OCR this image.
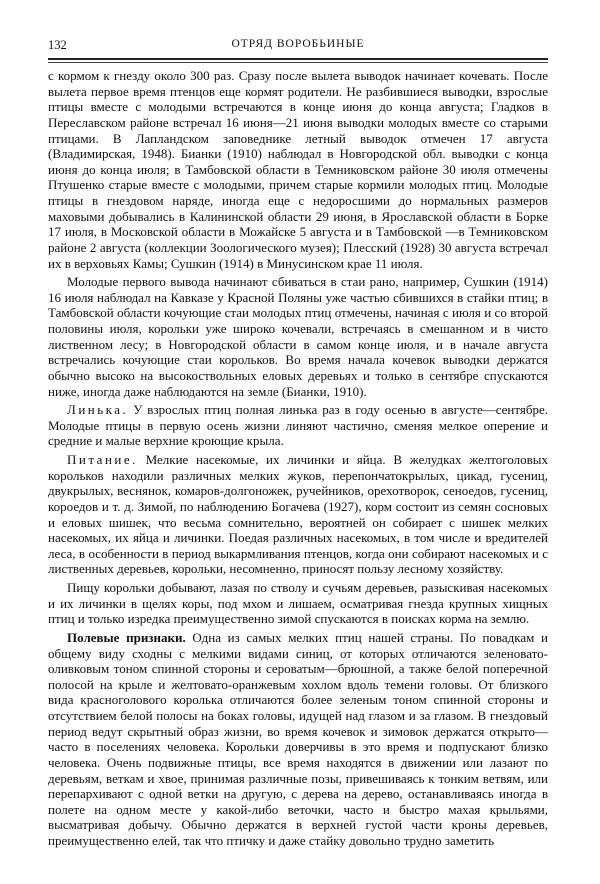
132	ОТРЯД ВОРОБЬИНЫЕ

с кормом к гнезду около 300 раз. Сразу после вылета выводок начинает кочевать. После вылета первое время птенцов еще кормят родители. Не разбившиеся выводки, взрослые птицы вместе с молодыми встречаются в конце июня до конца августа; Гладков в Переславском районе встречал 16 июня—21 июня выводки молодых вместе со старыми птицами. В Лапландском заповеднике летный выводок отмечен 17 августа (Владимирская, 1948). Бианки (1910) наблюдал в Новгородской обл. выводки с конца июня до конца июля; в Тамбовской области в Темниковском районе 30 июля отмечены Птушенко старые вместе с молодыми, причем старые кормили молодых птиц. Молодые птицы в гнездовом наряде, иногда еще с недоросшими до нормальных размеров маховыми добывались в Калининской области 29 июня, в Ярославской области в Борке 17 июля, в Московской области в Можайске 5 августа и в Тамбовской —в Темниковском районе 2 августа (коллекции Зоологического музея); Плесский (1928) 30 августа встречал их в верховьях Камы; Сушкин (1914) в Минусинском крае 11 июля.

Молодые первого вывода начинают сбиваться в стаи рано, например, Сушкин (1914) 16 июля наблюдал на Кавказе у Красной Поляны уже частью сбившихся в стайки птиц; в Тамбовской области кочующие стаи молодых птиц отмечены, начиная с июля и со второй половины июля, корольки уже широко кочевали, встречаясь в смешанном и в чисто лиственном лесу; в Новгородской области в самом конце июля, и в начале августа встречались кочующие стаи корольков. Во время начала кочевок выводки держатся обычно высоко на высокоствольных еловых деревьях и только в сентябре спускаются ниже, иногда даже наблюдаются на земле (Бианки, 1910).

Линька. У взрослых птиц полная линька раз в году осенью в августе—сентябре. Молодые птицы в первую осень жизни линяют частично, сменяя мелкое оперение и средние и малые верхние кроющие крыла.

Питание. Мелкие насекомые, их личинки и яйца. В желудках желтоголовых корольков находили различных мелких жуков, перепончатокрылых, цикад, гусениц, двукрылых, веснянок, комаров-долгоножек, ручейников, орехотворок, сеноедов, гусениц, короедов и т. д. Зимой, по наблюдению Богачева (1927), корм состоит из семян сосновых и еловых шишек, что весьма сомнительно, вероятней он собирает с шишек мелких насекомых, их яйца и личинки. Поедая различных насекомых, в том числе и вредителей леса, в особенности в период выкармливания птенцов, когда они собирают насекомых и с лиственных деревьев, корольки, несомненно, приносят пользу лесному хозяйству.

Пищу корольки добывают, лазая по стволу и сучьям деревьев, разыскивая насекомых и их личинки в щелях коры, под мхом и лишаем, осматривая гнезда крупных хищных птиц и только изредка преимущественно зимой спускаются в поисках корма на землю.

Полевые признаки. Одна из самых мелких птиц нашей страны. По повадкам и общему виду сходны с мелкими видами синиц, от которых отличаются зеленовато-оливковым тоном спинной стороны и сероватым—брюшной, а также белой поперечной полосой на крыле и желтовато-оранжевым хохлом вдоль темени головы. От близкого вида красноголового королька отличаются более зеленым тоном спинной стороны и отсутствием белой полосы на боках головы, идущей над глазом и за глазом. В гнездовый период ведут скрытный образ жизни, во время кочевок и зимовок держатся открыто—часто в поселениях человека. Корольки доверчивы в это время и подпускают близко человека. Очень подвижные птицы, все время находятся в движении или лазают по деревьям, веткам и хвое, принимая различные позы, привешиваясь к тонким ветвям, или перепархивают с одной ветки на другую, с дерева на дерево, останавливаясь иногда в полете на одном месте у какой-либо веточки, часто и быстро махая крыльями, высматривая добычу. Обычно держатся в верхней густой части кроны деревьев, преимущественно елей, так что птичку и даже стайку довольно трудно заметить
